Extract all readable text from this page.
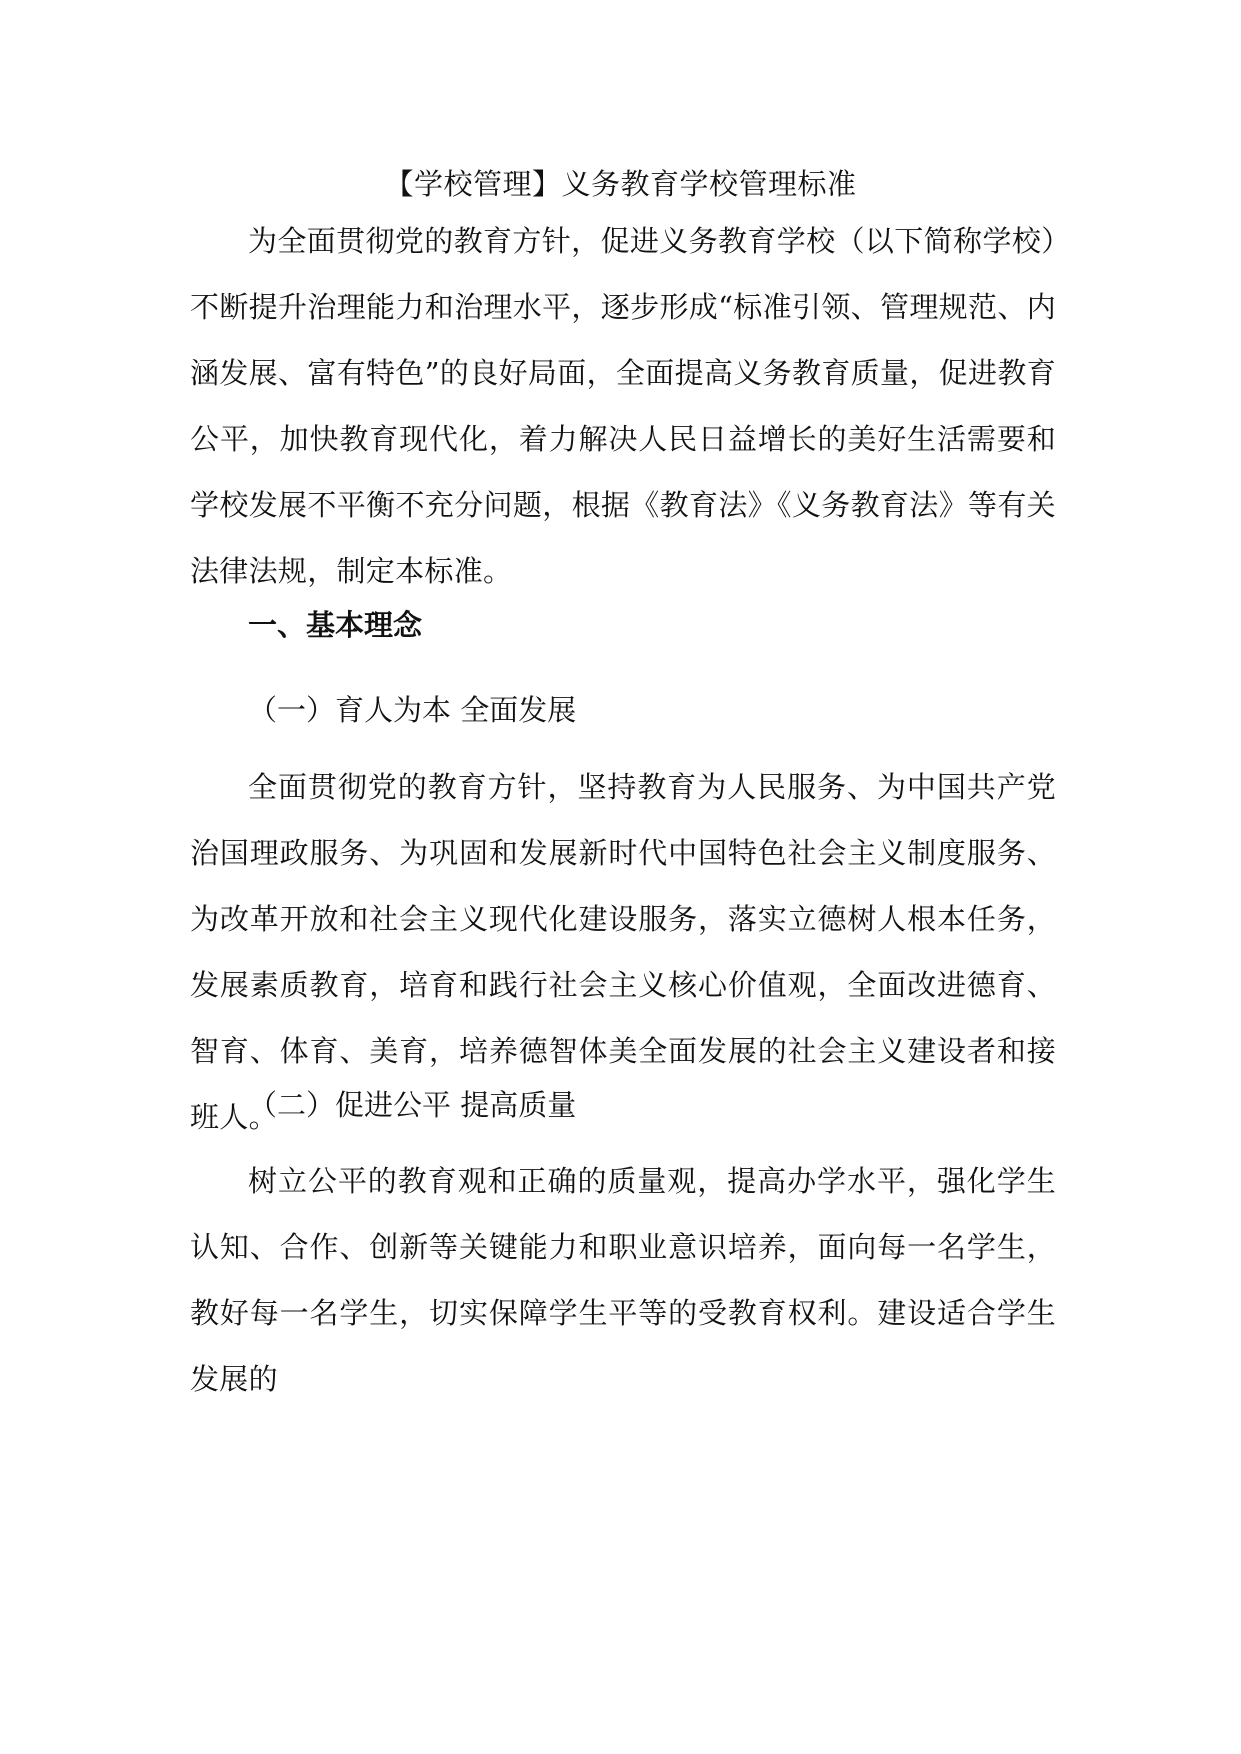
【学校管理】义务教育学校管理标准

为全面贯彻党的教育方针，促进义务教育学校（以下简称学校）不断提升治理能力和治理水平，逐步形成“标准引领、管理规范、内涵发展、富有特色”的良好局面，全面提高义务教育质量，促进教育公平，加快教育现代化，着力解决人民日益增长的美好生活需要和学校发展不平衡不充分问题，根据《教育法》《义务教育法》等有关法律法规，制定本标准。

一、基本理念
（一）育人为本 全面发展

全面贯彻党的教育方针，坚持教育为人民服务、为中国共产党治国理政服务、为巩固和发展新时代中国特色社会主义制度服务、为改革开放和社会主义现代化建设服务，落实立德树人根本任务，发展素质教育，培育和践行社会主义核心价值观，全面改进德育、智育、体育、美育，培养德智体美全面发展的社会主义建设者和接班人。

（二）促进公平 提高质量

树立公平的教育观和正确的质量观，提高办学水平，强化学生认知、合作、创新等关键能力和职业意识培养，面向每一名学生，教好每一名学生，切实保障学生平等的受教育权利。建设适合学生发展的
